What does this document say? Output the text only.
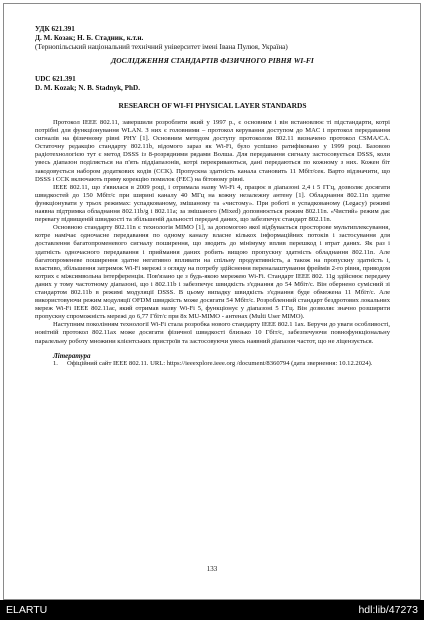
УДК 621.391
Д. М. Козак; Н. Б. Стадник, к.т.н.
(Тернопільський національний технічний університет імені Івана Пулюя, Україна)
ДОСЛІДЖЕННЯ СТАНДАРТІВ ФІЗИЧНОГО РІВНЯ WI-FI
UDC 621.391
D. M. Kozak; N. B. Stadnyk, PhD.
RESEARCH OF WI-FI PHYSICAL LAYER STANDARDS

Протокол IEEE 802.11, завершили розробляти який у 1997 р., є основним і він встановлює ті підстандарти, котрі потрібні для функціонування WLAN. З них є головними – протокол керування доступом до MAC і протокол передавання сигналів на фізичному рівні PHY [1]. Основним методом доступу протоколом 802.11 визначено протокол CSMA/CA. Остаточну редакцію стандарту 802.11b, відомого зараз як Wi-Fi, було успішно ратифіковано у 1999 році. Базовою радіотехнологією тут є метод DSSS із 8-розрядними рядами Волша. Для передавання сигналу застосовується DSSS, коли увесь діапазон поділяється на п'ять піддіапазонів, котрі перекриваються, дані передаються по кожному з них. Кожен біт закодовується набором додаткових кодів (CCK). Пропускна здатність канала становить 11 Мбіт/сек. Варто відзначити, що DSSS і CCK включають пряму корекцію помилок (FEC) на бітовому рівні.

IEEE 802.11, що з'явилася в 2009 році, і отримала назву Wi-Fi 4, працює в діапазоні 2,4 і 5 ГГц, дозволяє досягати швидкостей до 150 Мбіт/с при ширині каналу 40 МГц на кожну незалежну антену [1]. Обладнання 802.11n здатне функціонувати у трьох режимах: успадкованому, змішаному та «чистому». При роботі в успадкованому (Legacy) режимі наявна підтримка обладнання 802.11b/g і 802.11a; за змішаного (Mixed) доповнюється режим 802.11n. «Чистий» режим дає перевагу підвищеній швидкості та збільшеній дальності передачі даних, що забезпечує стандарт 802.11n.

Основною стандарту 802.11n є технологія MIMO [1], за допомогою якої відбувається просторове мультиплексування, котре намічає одночасне передавання по одному каналу власне кількох інформаційних потоків і застосування для доставлення багатопроменевого сигналу поширення, що зводить до мінімуму вплив перешкод і втрат даних. Як раз і здатність одночасного передавання і приймання даних робить вищою пропускну здатність обладнання 802.11n. Але багатопроменеве поширення здатне негативно впливати на спільну продуктивність, а також на пропускну здатність і, властиво, збільшення затримок Wi-Fi мережі з огляду на потребу здійснення переналаштування фреймів 2-го рівня, приводом котрих є міжсимвольна інтерференція. Пов'язано це з будь-якою мережею Wi-Fi. Стандарт IEEE 802. 11g здійснює передачу даних у тому частотному діапазоні, що і 802.11b і забезпечує швидкість з'єднання до 54 Мбіт/с. Він обернено сумісний зі стандартом 802.11b в режимі модуляції DSSS. В цьому випадку швидкість з'єднання буде обмежена 11 Мбіт/с. Але використовуючи режим модуляції OFDM швидкість може досягати 54 Мбіт/с. Розробленний стандарт бездротових локальних мереж Wi-Fi IEEE 802.11ac, який отримав назву Wi-Fi 5, функціонує у діапазоні 5 ГГц. Він дозволяє значно розширити пропускну спроможність мережі до 6,77 Гбіт/с при 8х MU-MIMO - антенах (Multi User MIMO).

Наступним поколінням технології Wi-Fi стала розробка нового стандарту IEEE 802.1 1ax. Беручи до уваги особливості, новітній протокол 802.11ax може досягати фізичної швидкості близько 10 Гбіт/с, забезпечуючи повнофункціональну паралельну роботу множини клієнтських пристроїв та застосовуючи увесь наявний діапазон частот, що не ліцензується.

Література
1.	Офіційний сайт IEEE 802.11. URL: https://ieeexplore.ieee.org /document/8360794 (дата звернення: 10.12.2024).
133
ELARTU	hdl:lib/47273
